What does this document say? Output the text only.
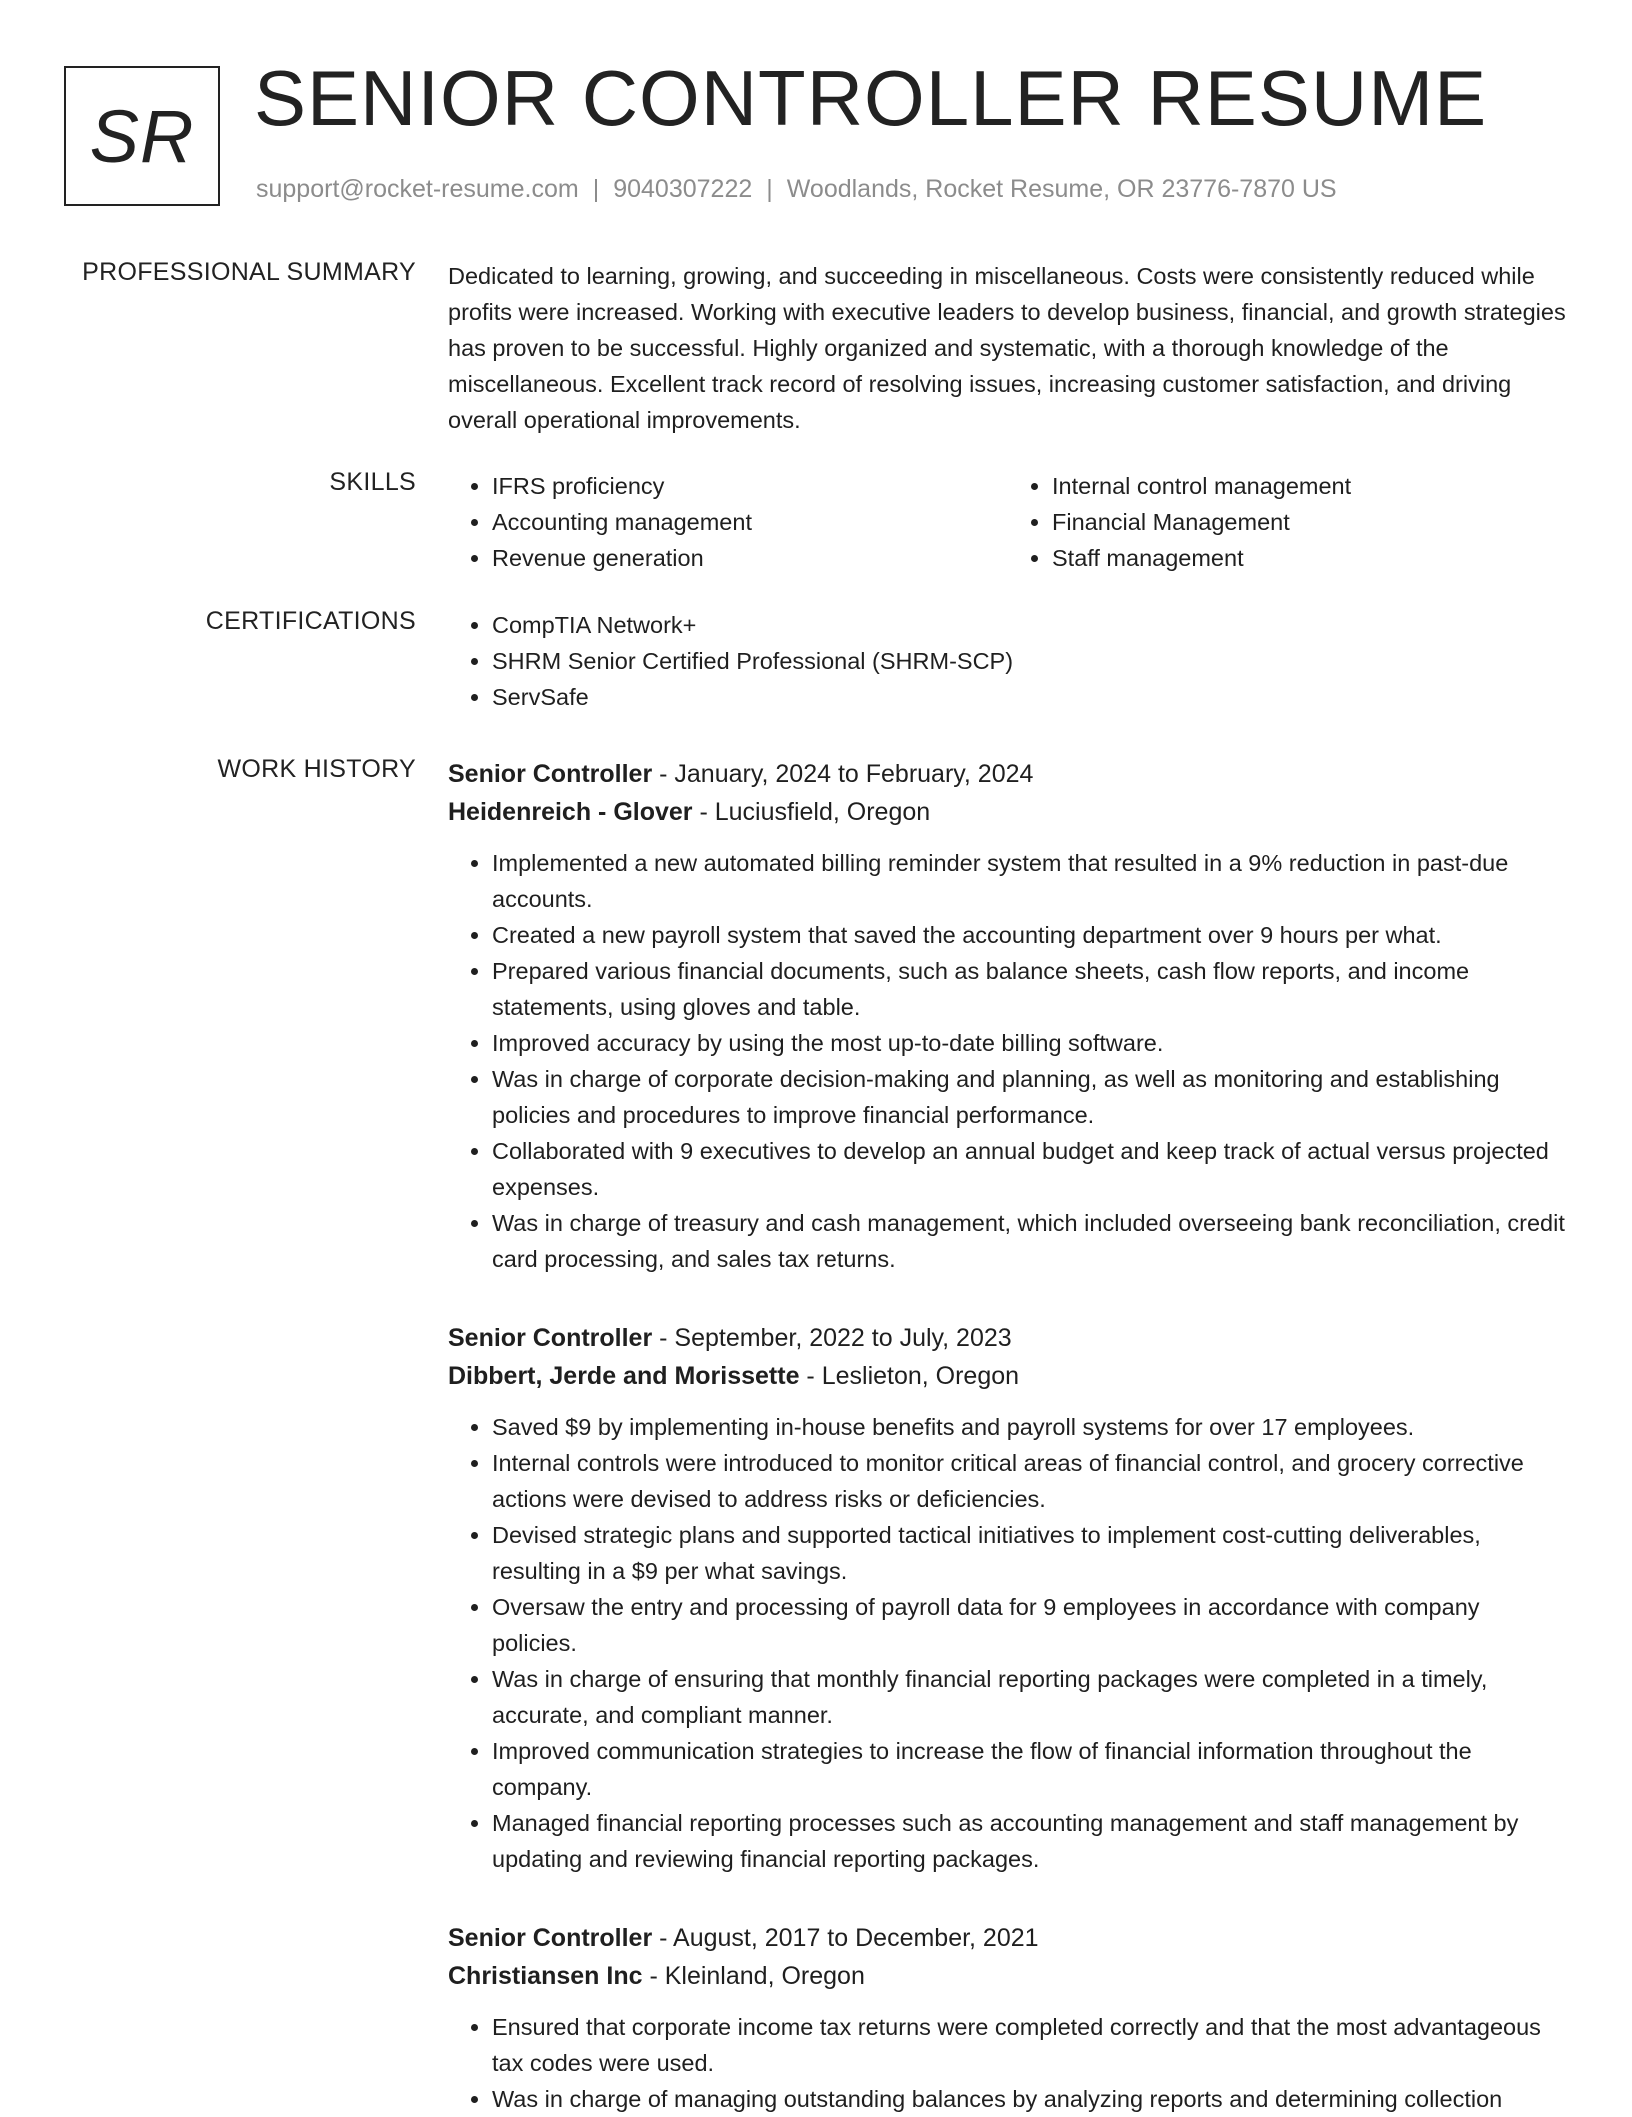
SR SENIOR CONTROLLER RESUME
support@rocket-resume.com | 9040307222 | Woodlands, Rocket Resume, OR 23776-7870 US
PROFESSIONAL SUMMARY Dedicated to learning, growing, and succeeding in miscellaneous. Costs were consistently reduced while profits were increased. Working with executive leaders to develop business, financial, and growth strategies has proven to be successful. Highly organized and systematic, with a thorough knowledge of the miscellaneous. Excellent track record of resolving issues, increasing customer satisfaction, and driving overall operational improvements.
SKILLS	• IFRS proficiency
• Accounting management
• Revenue generation
• Internal control management
• Financial Management
• Staff management
CERTIFICATIONS	• CompTIA Network+
• SHRM Senior Certified Professional (SHRM-SCP)
• ServSafe
WORK HISTORY Senior Controller - January, 2024 to February, 2024
Heidenreich - Glover - Luciusfield, Oregon
• Implemented a new automated billing reminder system that resulted in a 9% reduction in past-due accounts.
• Created a new payroll system that saved the accounting department over 9 hours per what.
• Prepared various financial documents, such as balance sheets, cash flow reports, and income statements, using gloves and table.
• Improved accuracy by using the most up-to-date billing software.
• Was in charge of corporate decision-making and planning, as well as monitoring and establishing policies and procedures to improve financial performance.
• Collaborated with 9 executives to develop an annual budget and keep track of actual versus projected expenses.
• Was in charge of treasury and cash management, which included overseeing bank reconciliation, credit card processing, and sales tax returns.
Senior Controller - September, 2022 to July, 2023
Dibbert, Jerde and Morissette - Leslieton, Oregon
• Saved $9 by implementing in-house benefits and payroll systems for over 17 employees.
• Internal controls were introduced to monitor critical areas of financial control, and grocery corrective actions were devised to address risks or deficiencies.
• Devised strategic plans and supported tactical initiatives to implement cost-cutting deliverables, resulting in a $9 per what savings.
• Oversaw the entry and processing of payroll data for 9 employees in accordance with company policies.
• Was in charge of ensuring that monthly financial reporting packages were completed in a timely, accurate, and compliant manner.
• Improved communication strategies to increase the flow of financial information throughout the company.
• Managed financial reporting processes such as accounting management and staff management by updating and reviewing financial reporting packages.
Senior Controller - August, 2017 to December, 2021
Christiansen Inc - Kleinland, Oregon
• Ensured that corporate income tax returns were completed correctly and that the most advantageous tax codes were used.
• Was in charge of managing outstanding balances by analyzing reports and determining collection
